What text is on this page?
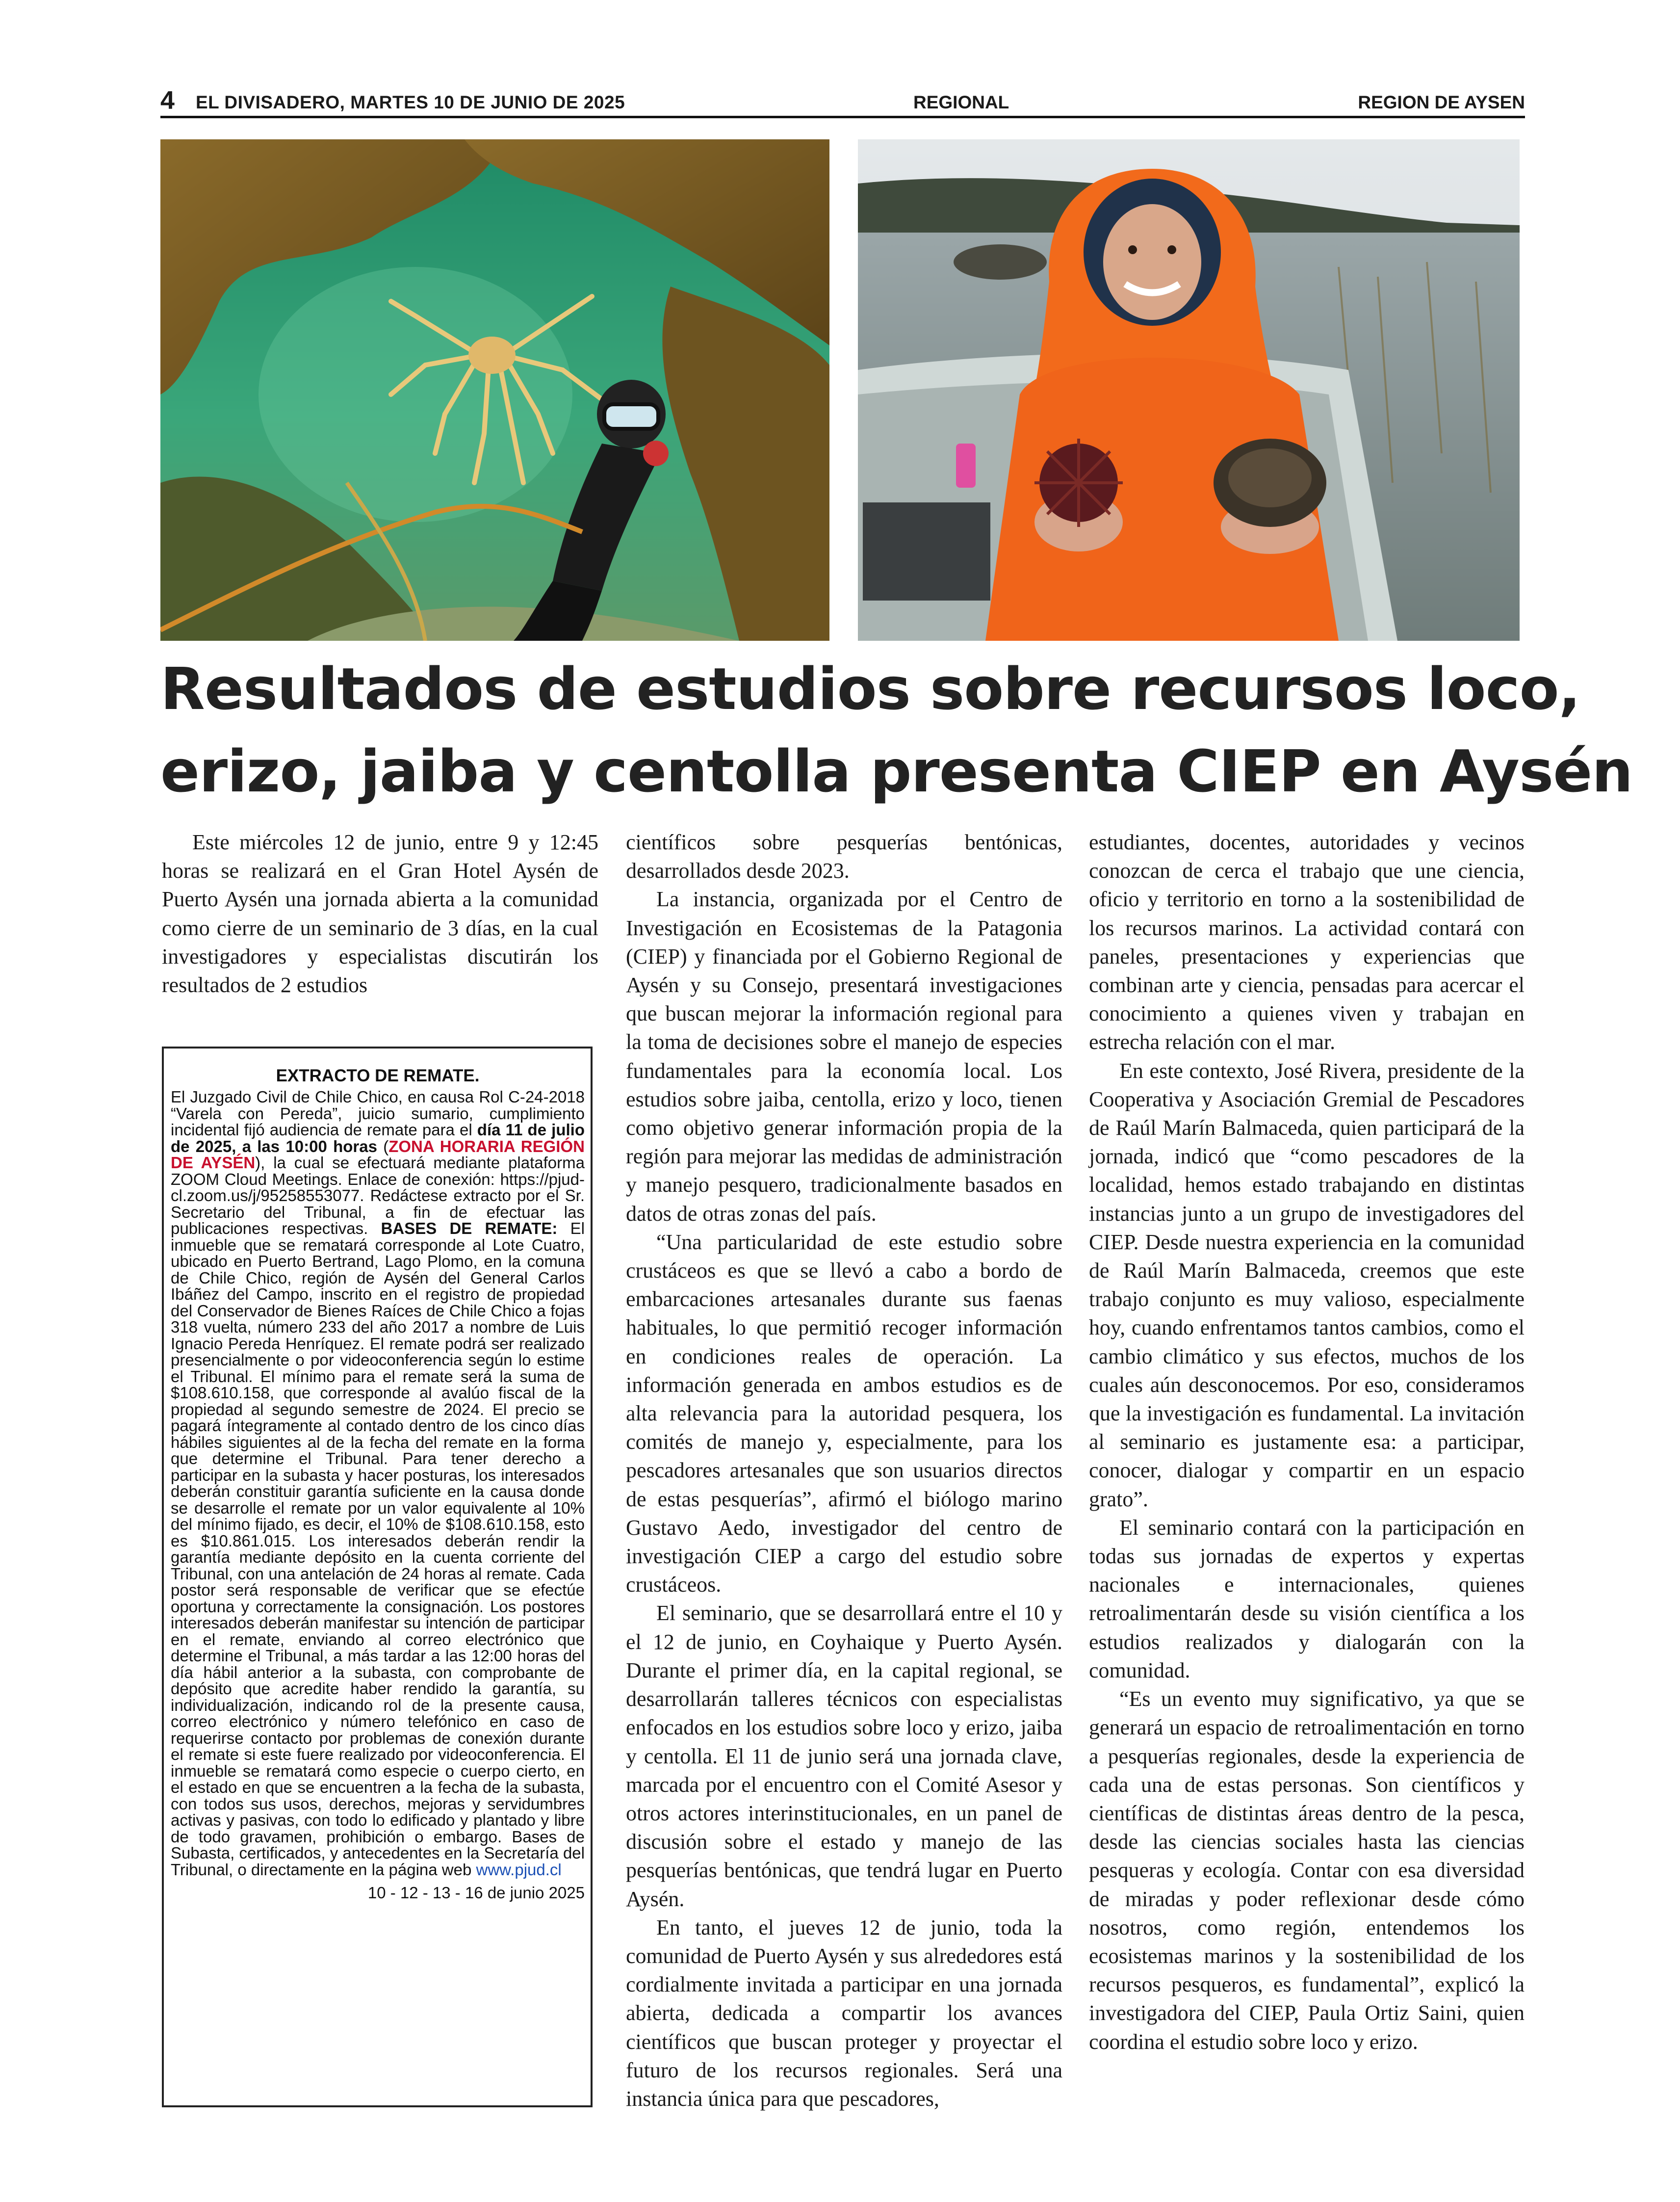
4 EL DIVISADERO, MARTES 10 DE JUNIO DE 2025	REGIONAL	REGION DE AYSEN
Resultados de estudios sobre recursos loco,
erizo, jaiba y centolla presenta CIEP en Aysén

Este miércoles 12 de junio, entre 9 y 12:45 horas se realizará en el Gran Hotel Aysén de Puerto Aysén una jornada abierta a la comunidad como cierre de un seminario de 3 días, en la cual investigadores y especialistas discutirán los resultados de 2 estudios

EXTRACTO DE REMATE.
El Juzgado Civil de Chile Chico, en causa Rol C-24-2018 “Varela con Pereda”, juicio sumario, cumplimiento incidental fijó audiencia de remate para el día 11 de julio de 2025, a las 10:00 horas (ZONA HORARIA REGIÓN DE AYSÉN), la cual se efectuará mediante plataforma ZOOM Cloud Meetings. Enlace de conexión: https://pjud-cl.zoom.us/j/95258553077. Redáctese extracto por el Sr. Secretario del Tribunal, a fin de efectuar las publicaciones respectivas. BASES DE REMATE: El inmueble que se rematará corresponde al Lote Cuatro, ubicado en Puerto Bertrand, Lago Plomo, en la comuna de Chile Chico, región de Aysén del General Carlos Ibáñez del Campo, inscrito en el registro de propiedad del Conservador de Bienes Raíces de Chile Chico a fojas 318 vuelta, número 233 del año 2017 a nombre de Luis Ignacio Pereda Henríquez. El remate podrá ser realizado presencialmente o por videoconferencia según lo estime el Tribunal. El mínimo para el remate será la suma de $108.610.158, que corresponde al avalúo fiscal de la propiedad al segundo semestre de 2024. El precio se pagará íntegramente al contado dentro de los cinco días hábiles siguientes al de la fecha del remate en la forma que determine el Tribunal. Para tener derecho a participar en la subasta y hacer posturas, los interesados deberán constituir garantía suficiente en la causa donde se desarrolle el remate por un valor equivalente al 10% del mínimo fijado, es decir, el 10% de $108.610.158, esto es $10.861.015. Los interesados deberán rendir la garantía mediante depósito en la cuenta corriente del Tribunal, con una antelación de 24 horas al remate. Cada postor será responsable de verificar que se efectúe oportuna y correctamente la consignación. Los postores interesados deberán manifestar su intención de participar en el remate, enviando al correo electrónico que determine el Tribunal, a más tardar a las 12:00 horas del día hábil anterior a la subasta, con comprobante de depósito que acredite haber rendido la garantía, su individualización, indicando rol de la presente causa, correo electrónico y número telefónico en caso de requerirse contacto por problemas de conexión durante el remate si este fuere realizado por videoconferencia. El inmueble se rematará como especie o cuerpo cierto, en el estado en que se encuentren a la fecha de la subasta, con todos sus usos, derechos, mejoras y servidumbres activas y pasivas, con todo lo edificado y plantado y libre de todo gravamen, prohibición o embargo. Bases de Subasta, certificados, y antecedentes en la Secretaría del Tribunal, o directamente en la página web www.pjud.cl
10 - 12 - 13 - 16 de junio 2025

científicos sobre pesquerías bentónicas, desarrollados desde 2023.

La instancia, organizada por el Centro de Investigación en Ecosistemas de la Patagonia (CIEP) y financiada por el Gobierno Regional de Aysén y su Consejo, presentará investigaciones que buscan mejorar la información regional para la toma de decisiones sobre el manejo de especies fundamentales para la economía local. Los estudios sobre jaiba, centolla, erizo y loco, tienen como objetivo generar información propia de la región para mejorar las medidas de administración y manejo pesquero, tradicionalmente basados en datos de otras zonas del país.

“Una particularidad de este estudio sobre crustáceos es que se llevó a cabo a bordo de embarcaciones artesanales durante sus faenas habituales, lo que permitió recoger información en condiciones reales de operación. La información generada en ambos estudios es de alta relevancia para la autoridad pesquera, los comités de manejo y, especialmente, para los pescadores artesanales que son usuarios directos de estas pesquerías”, afirmó el biólogo marino Gustavo Aedo, investigador del centro de investigación CIEP a cargo del estudio sobre crustáceos.

El seminario, que se desarrollará entre el 10 y el 12 de junio, en Coyhaique y Puerto Aysén. Durante el primer día, en la capital regional, se desarrollarán talleres técnicos con especialistas enfocados en los estudios sobre loco y erizo, jaiba y centolla. El 11 de junio será una jornada clave, marcada por el encuentro con el Comité Asesor y otros actores interinstitucionales, en un panel de discusión sobre el estado y manejo de las pesquerías bentónicas, que tendrá lugar en Puerto Aysén.

En tanto, el jueves 12 de junio, toda la comunidad de Puerto Aysén y sus alrededores está cordialmente invitada a participar en una jornada abierta, dedicada a compartir los avances científicos que buscan proteger y proyectar el futuro de los recursos regionales. Será una instancia única para que pescadores,

estudiantes, docentes, autoridades y vecinos conozcan de cerca el trabajo que une ciencia, oficio y territorio en torno a la sostenibilidad de los recursos marinos. La actividad contará con paneles, presentaciones y experiencias que combinan arte y ciencia, pensadas para acercar el conocimiento a quienes viven y trabajan en estrecha relación con el mar.

En este contexto, José Rivera, presidente de la Cooperativa y Asociación Gremial de Pescadores de Raúl Marín Balmaceda, quien participará de la jornada, indicó que “como pescadores de la localidad, hemos estado trabajando en distintas instancias junto a un grupo de investigadores del CIEP. Desde nuestra experiencia en la comunidad de Raúl Marín Balmaceda, creemos que este trabajo conjunto es muy valioso, especialmente hoy, cuando enfrentamos tantos cambios, como el cambio climático y sus efectos, muchos de los cuales aún desconocemos. Por eso, consideramos que la investigación es fundamental. La invitación al seminario es justamente esa: a participar, conocer, dialogar y compartir en un espacio grato”.

El seminario contará con la participación en todas sus jornadas de expertos y expertas nacionales e internacionales, quienes retroalimentarán desde su visión científica a los estudios realizados y dialogarán con la comunidad.

“Es un evento muy significativo, ya que se generará un espacio de retroalimentación en torno a pesquerías regionales, desde la experiencia de cada una de estas personas. Son científicos y científicas de distintas áreas dentro de la pesca, desde las ciencias sociales hasta las ciencias pesqueras y ecología. Contar con esa diversidad de miradas y poder reflexionar desde cómo nosotros, como región, entendemos los ecosistemas marinos y la sostenibilidad de los recursos pesqueros, es fundamental”, explicó la investigadora del CIEP, Paula Ortiz Saini, quien coordina el estudio sobre loco y erizo.
